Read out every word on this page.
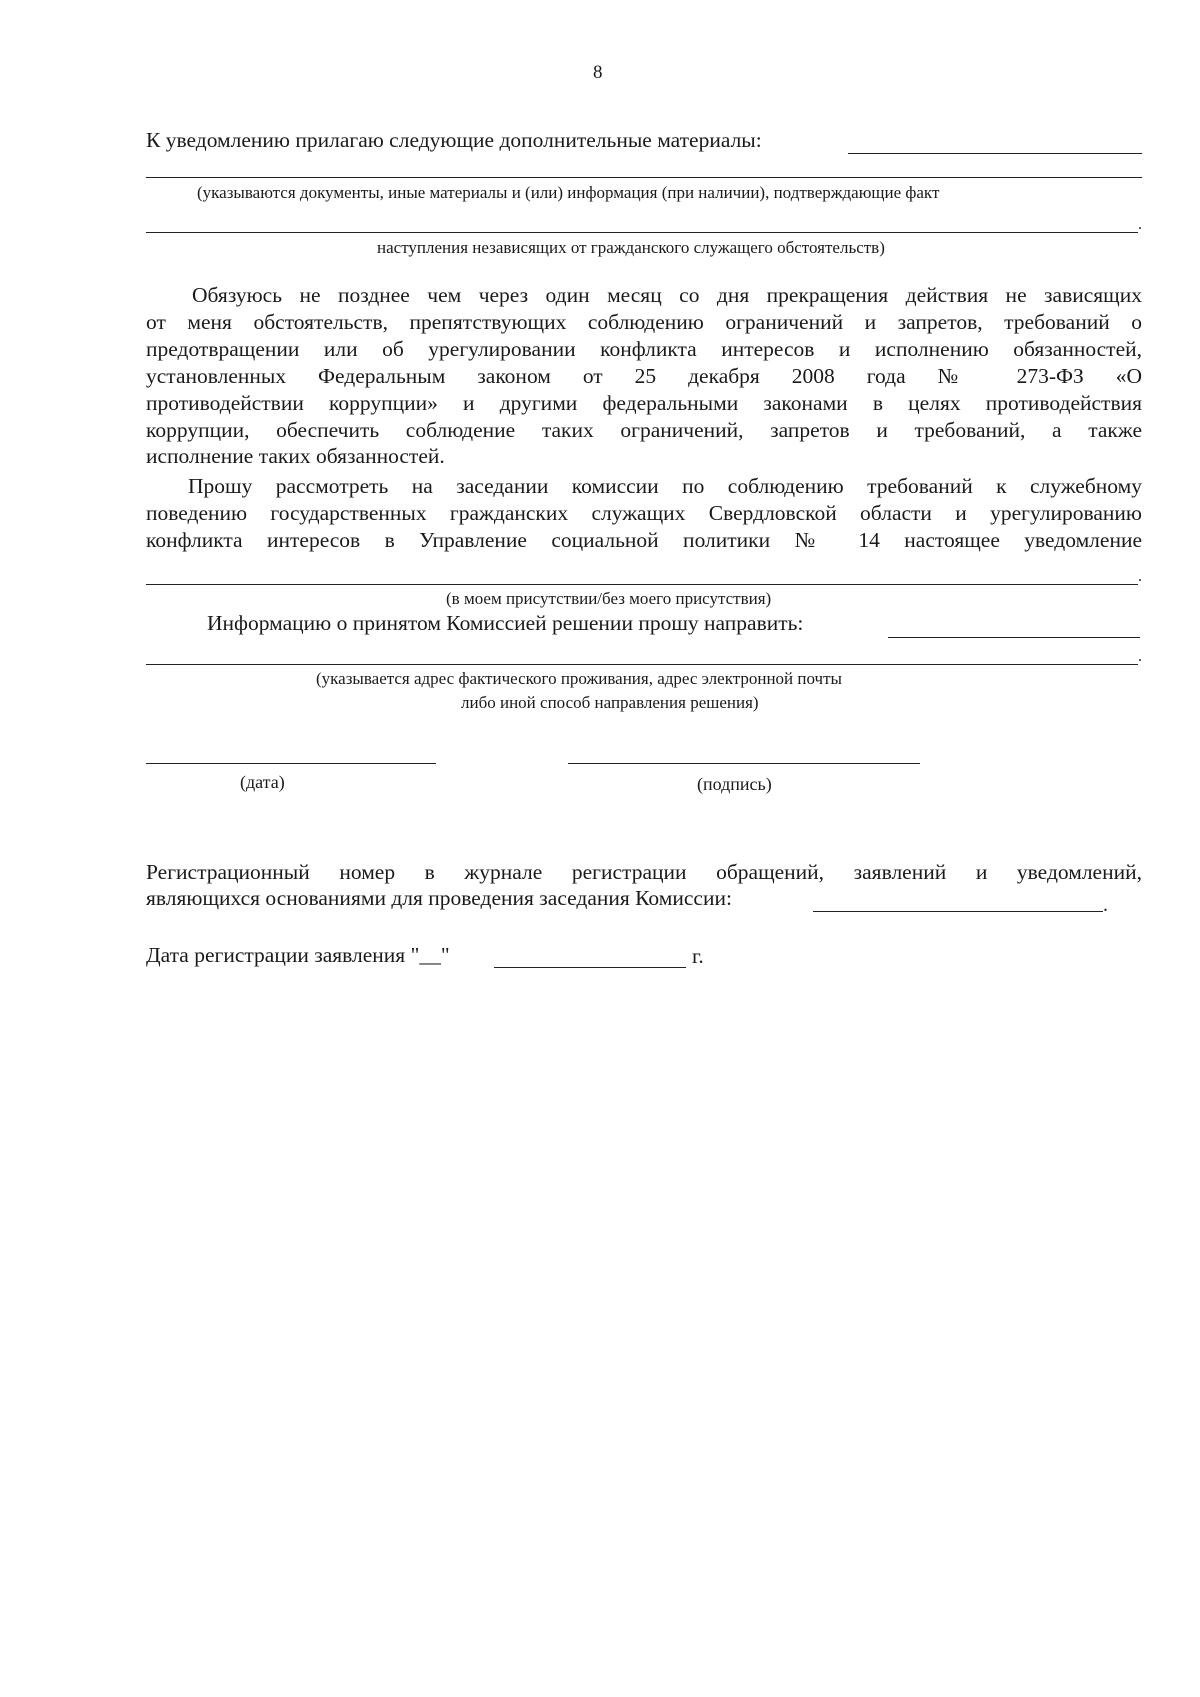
8
К уведомлению прилагаю следующие дополнительные материалы:
(указываются документы, иные материалы и (или) информация (при наличии), подтверждающие факт
.
наступления независящих от гражданского служащего обстоятельств)
Обязуюсь не позднее чем через один месяц со дня прекращения действия не зависящих
от меня обстоятельств, препятствующих соблюдению ограничений и запретов, требований о
предотвращении или об урегулировании конфликта интересов и исполнению обязанностей,
установленных Федеральным законом от 25 декабря 2008 года № 273-ФЗ «О
противодействии коррупции» и другими федеральными законами в целях противодействия
коррупции, обеспечить соблюдение таких ограничений, запретов и требований, а также
исполнение таких обязанностей.
Прошу рассмотреть на заседании комиссии по соблюдению требований к служебному
поведению государственных гражданских служащих Свердловской области и урегулированию
конфликта интересов в Управление социальной политики № 14 настоящее уведомление
.
(в моем присутствии/без моего присутствия)
Информацию о принятом Комиссией решении прошу направить:
.
(указывается адрес фактического проживания, адрес электронной почты
либо иной способ направления решения)
(дата)	(подпись)
Регистрационный номер в журнале регистрации обращений, заявлений и уведомлений,
являющихся основаниями для проведения заседания Комиссии:	.
Дата регистрации заявления "__"	г.
